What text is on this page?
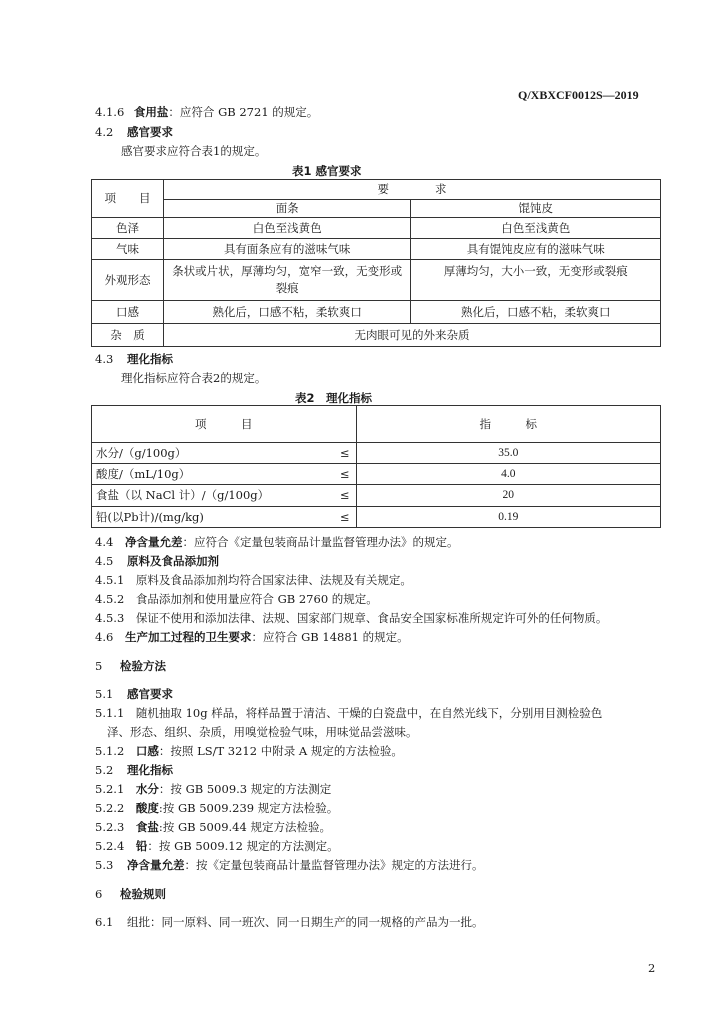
Q/XBXCF0012S—2019
4.1.6 食用盐：应符合 GB 2721 的规定。
4.2 感官要求
感官要求应符合表1的规定。
表1 感官要求
项　　目	要　　　　求	
	面条	馄饨皮
色泽	白色至浅黄色	白色至浅黄色
气味	具有面条应有的滋味气味	具有馄饨皮应有的滋味气味
外观形态	条状或片状，厚薄均匀，宽窄一致，无变形或裂痕	厚薄均匀，大小一致，无变形或裂痕
口感	熟化后，口感不粘，柔软爽口	熟化后，口感不粘，柔软爽口
杂　质	无肉眼可见的外来杂质	
4.3 理化指标
理化指标应符合表2的规定。
表2　理化指标
项　　　目	指　　　标
水分/（g/100g） ≤	35.0
酸度/（mL/10g） ≤	4.0
食盐（以 NaCl 计）/（g/100g） ≤	20
铅(以Pb计)/(mg/kg) ≤	0.19
4.4 净含量允差：应符合《定量包装商品计量监督管理办法》的规定。
4.5 原料及食品添加剂
4.5.1 原料及食品添加剂均符合国家法律、法规及有关规定。
4.5.2 食品添加剂和使用量应符合 GB 2760 的规定。
4.5.3 保证不使用和添加法律、法规、国家部门规章、食品安全国家标准所规定许可外的任何物质。
4.6 生产加工过程的卫生要求：应符合 GB 14881 的规定。
5 检验方法
5.1 感官要求
5.1.1 随机抽取 10g 样品，将样品置于清洁、干燥的白瓷盘中，在自然光线下，分别用目测检验色
泽、形态、组织、杂质，用嗅觉检验气味，用味觉品尝滋味。
5.1.2 口感：按照 LS/T 3212 中附录 A 规定的方法检验。
5.2 理化指标
5.2.1 水分：按 GB 5009.3 规定的方法测定
5.2.2 酸度:按 GB 5009.239 规定方法检验。
5.2.3 食盐:按 GB 5009.44 规定方法检验。
5.2.4 铅：按 GB 5009.12 规定的方法测定。
5.3 净含量允差：按《定量包装商品计量监督管理办法》规定的方法进行。
6 检验规则
6.1 组批：同一原料、同一班次、同一日期生产的同一规格的产品为一批。
2
